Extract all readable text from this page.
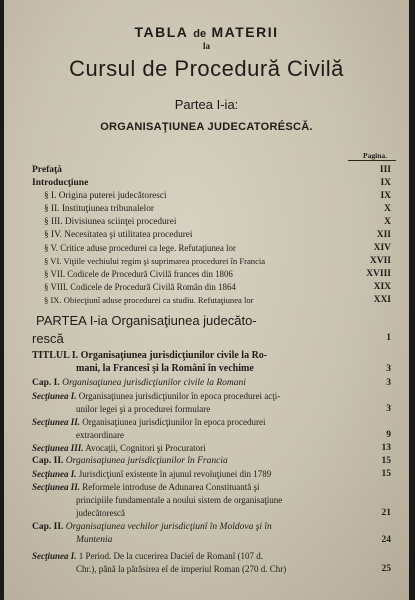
TABLA de MATERII
la
Cursul de Procedură Civilă
Partea I-ia:
ORGANISAŢIUNEA JUDECATORÉSCĂ.
Pagina.
Prefaţă	III
Introducţiune	IX
§ I. Origina puterei judecătoresci	IX
§ II. Instituţiunea tribunalelor	X
§ III. Divisiunea sciinţei procedurei	X
§ IV. Necesitatea şi utilitatea procedurei	XII
§ V. Critice aduse procedurei ca lege. Refutaţiunea lor	XIV
§ VI. Viţiile vechiului regim şi suprimarea procedurei în Francia	XVII
§ VII. Codicele de Procedură Civilă frances din 1806	XVIII
§ VIII. Codicele de Procedură Civilă Român din 1864	XIX
§ IX. Obiecţiunî aduse procedurei ca studiu. Refutaţiunea lor	XXI
PARTEA I-ia Organisaţiunea judecăto-
rescă	1
TITLUL I. Organisaţiunea jurisdicţiunilor civile la Ro-
mani, la Francesî şi la Românî în vechime	3
Cap. I. Organisaţiunea jurisdicţiunilor civile la Romani	3
Secţiunea I. Organisaţiunea jurisdicţiunilor în epoca procedurei acţi-
unilor legei şi a procedurei formulare	3
Secţiunea II. Organisaţiunea jurisdicţiunilor în epoca procedurei
extraordinare	9
Secţiunea III. Avocaţii, Cognitori şi Procuratori	13
Cap. II. Organisaţiunea jurisdicţiunilor în Francia	15
Secţiunea I. Jurisdicţiunî existente în ajunul revoluţiunei din 1789	15
Secţiunea II. Reformele introduse de Adunarea Constituantă şi
principiile fundamentale a noului sistem de organisaţiune
judecătorescă	21
Cap. II. Organisaţiunea vechilor jurisdicţiunî în Moldova şi în
Muntenia	24
Secţiunea I. 1 Period. De la cucerirea Dacieî de Romanî (107 d.
Chr.), până la părăsirea eî de imperiul Roman (270 d. Chr)	25
